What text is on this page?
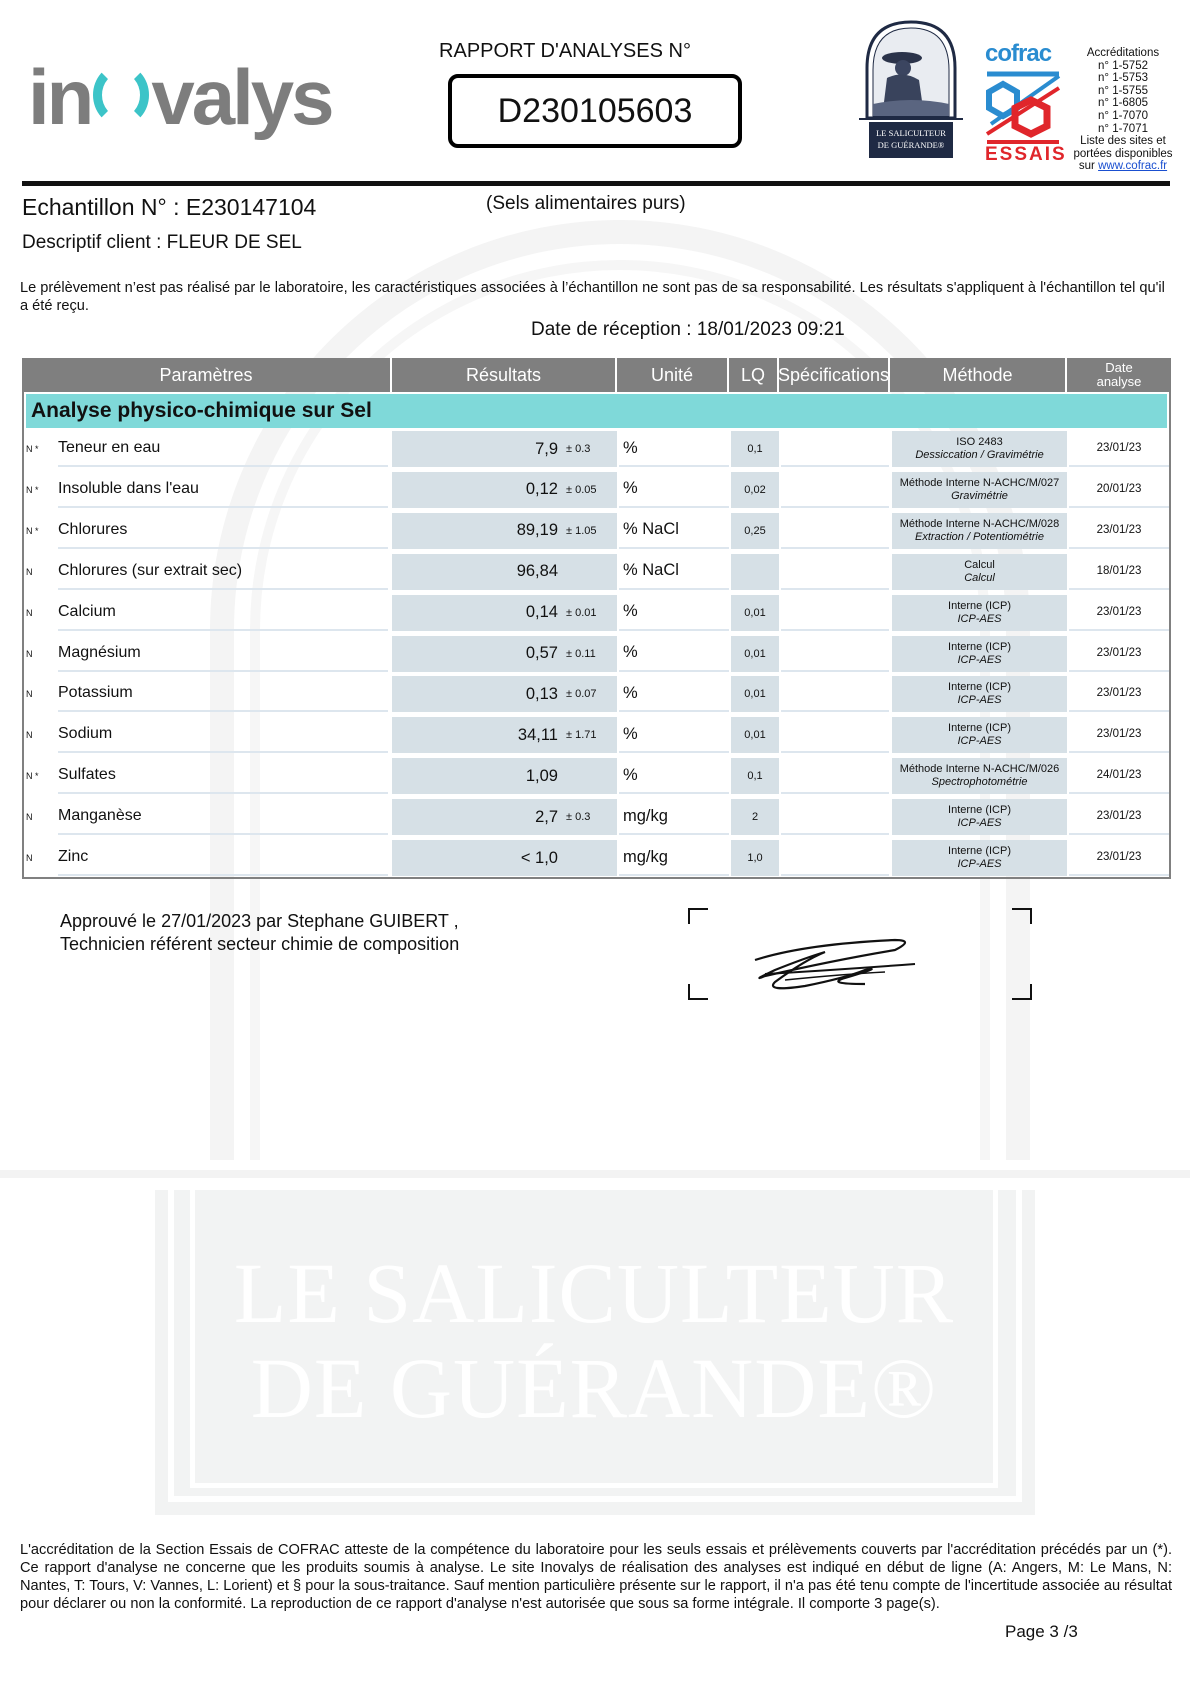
LE SALICULTEUR
DE GUÉRANDE®
in valys
RAPPORT D'ANALYSES N°
D230105603
LE SALICULTEUR
DE GUÉRANDE®
cofrac
ESSAIS
Accréditations
n° 1-5752
n° 1-5753
n° 1-5755
n° 1-6805
n° 1-7070
n° 1-7071
Liste des sites et
portées disponibles
sur www.cofrac.fr
Echantillon N° : E230147104	(Sels alimentaires purs)
Descriptif client : FLEUR DE SEL
Le prélèvement n’est pas réalisé par le laboratoire, les caractéristiques associées à l’échantillon ne sont pas de sa responsabilité. Les résultats s'appliquent à l'échantillon tel qu'il a été reçu.
Date de réception : 18/01/2023 09:21
Paramètres	Résultats	Unité	LQ Spécifications	Méthode	Date
analyse
Analyse physico-chimique sur Sel
N *	Teneur en eau	7,9 ± 0.3	%	0,1
ISO 2483
Dessiccation / Gravimétrie
23/01/23
N *	Insoluble dans l'eau	0,12 ± 0.05	%	0,02
Méthode Interne N-ACHC/M/027
Gravimétrie
20/01/23
N *	Chlorures	89,19 ± 1.05	% NaCl	0,25
Méthode Interne N-ACHC/M/028
Extraction / Potentiométrie
23/01/23
N	Chlorures (sur extrait sec)	96,84	% NaCl	Calcul
Calcul
18/01/23
N	Calcium	0,14 ± 0.01	%	0,01
Interne (ICP)
ICP-AES
23/01/23
N	Magnésium	0,57 ± 0.11	%	0,01
Interne (ICP)
ICP-AES
23/01/23
N	Potassium	0,13 ± 0.07	%	0,01
Interne (ICP)
ICP-AES
23/01/23
N	Sodium	34,11 ± 1.71	%	0,01
Interne (ICP)
ICP-AES
23/01/23
N *	Sulfates	1,09	%	0,1
Méthode Interne N-ACHC/M/026
Spectrophotométrie
24/01/23
N	Manganèse	2,7 ± 0.3	mg/kg	2
Interne (ICP)
ICP-AES
23/01/23
N	Zinc	< 1,0	mg/kg	1,0
Interne (ICP)
ICP-AES
23/01/23
Approuvé le 27/01/2023 par Stephane GUIBERT ,
Technicien référent secteur chimie de composition
L'accréditation de la Section Essais de COFRAC atteste de la compétence du laboratoire pour les seuls essais et prélèvements couverts par l'accréditation précédés par un (*). Ce rapport d'analyse ne concerne que les produits soumis à analyse. Le site Inovalys de réalisation des analyses est indiqué en début de ligne (A: Angers, M: Le Mans, N: Nantes, T: Tours, V: Vannes, L: Lorient) et § pour la sous-traitance. Sauf mention particulière présente sur le rapport, il n'a pas été tenu compte de l'incertitude associée au résultat pour déclarer ou non la conformité. La reproduction de ce rapport d'analyse n'est autorisée que sous sa forme intégrale. Il comporte 3 page(s).
Page 3 /3
